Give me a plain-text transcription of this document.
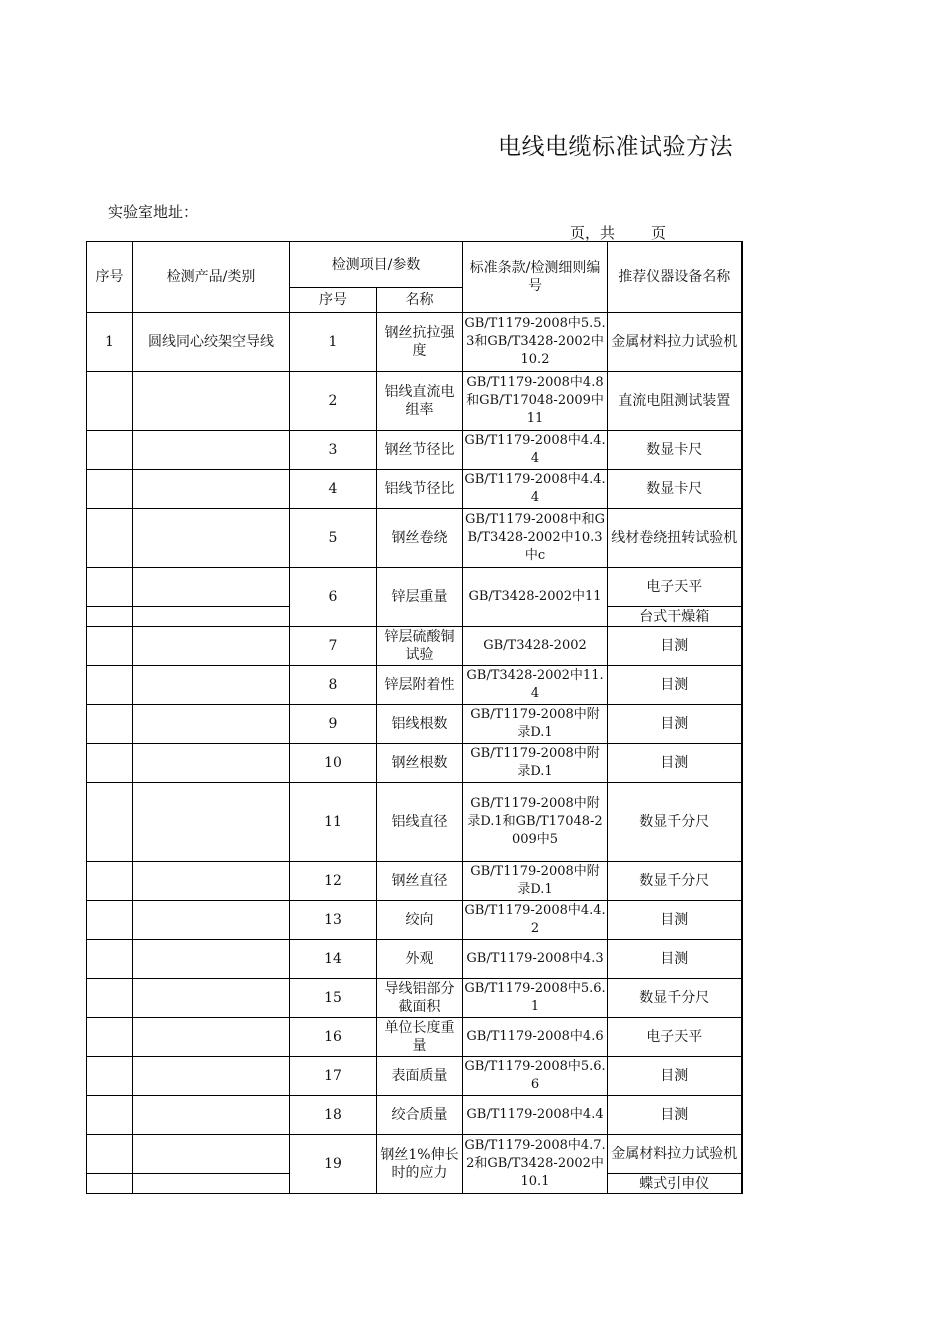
电线电缆标准试验方法
实验室地址：
页，共 页
序号	检测产品/类别	检测项目/参数		标准条款/检测细则编号	推荐仪器设备名称
		序号	名称		
1	圆线同心绞架空导线	1	钢丝抗拉强度	GB/T1179-2008中5.5.3和GB/T3428-2002中10.2	金属材料拉力试验机
		2	铝线直流电组率	GB/T1179-2008中4.8和GB/T17048-2009中11	直流电阻测试装置
		3	钢丝节径比	GB/T1179-2008中4.4.4	数显卡尺
		4	铝线节径比	GB/T1179-2008中4.4.4	数显卡尺
		5	钢丝卷绕	GB/T1179-2008中和GB/T3428-2002中10.3中c	线材卷绕扭转试验机
		6	锌层重量	GB/T3428-2002中11	电子天平
					台式干燥箱
		7	锌层硫酸铜试验	GB/T3428-2002	目测
		8	锌层附着性	GB/T3428-2002中11.4	目测
		9	铝线根数	GB/T1179-2008中附录D.1	目测
		10	钢丝根数	GB/T1179-2008中附录D.1	目测
		11	铝线直径	GB/T1179-2008中附录D.1和GB/T17048-2009中5	数显千分尺
		12	钢丝直径	GB/T1179-2008中附录D.1	数显千分尺
		13	绞向	GB/T1179-2008中4.4.2	目测
		14	外观	GB/T1179-2008中4.3	目测
		15	导线铝部分截面积	GB/T1179-2008中5.6.1	数显千分尺
		16	单位长度重量	GB/T1179-2008中4.6	电子天平
		17	表面质量	GB/T1179-2008中5.6.6	目测
		18	绞合质量	GB/T1179-2008中4.4	目测
		19	钢丝1%伸长时的应力	GB/T1179-2008中4.7.2和GB/T3428-2002中10.1	金属材料拉力试验机
					蝶式引申仪
